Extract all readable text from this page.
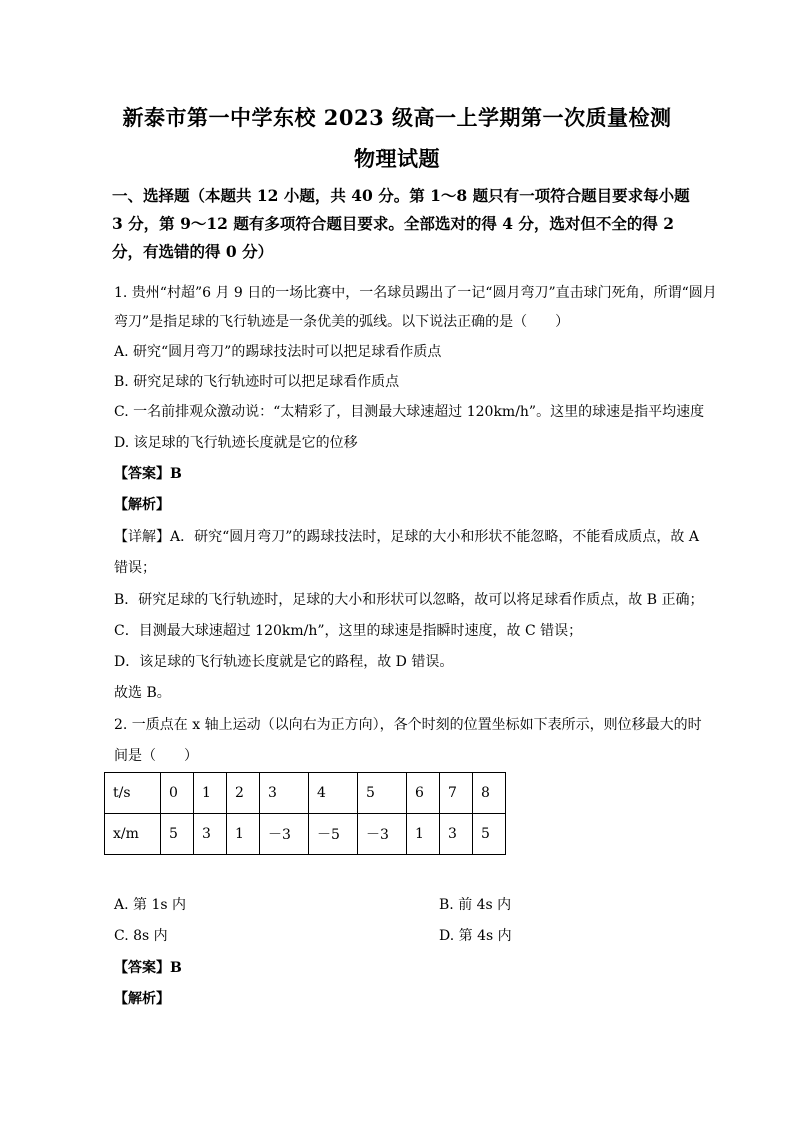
新泰市第一中学东校 2023 级高一上学期第一次质量检测
物理试题
一、选择题（本题共 12 小题，共 40 分。第 1～8 题只有一项符合题目要求每小题 3 分，第 9～12 题有多项符合题目要求。全部选对的得 4 分，选对但不全的得 2 分，有选错的得 0 分）
1. 贵州“村超”6 月 9 日的一场比赛中，一名球员踢出了一记“圆月弯刀”直击球门死角，所谓“圆月
弯刀”是指足球的飞行轨迹是一条优美的弧线。以下说法正确的是（　　）
A. 研究“圆月弯刀”的踢球技法时可以把足球看作质点
B. 研究足球的飞行轨迹时可以把足球看作质点
C. 一名前排观众激动说：“太精彩了，目测最大球速超过 120km/h”。这里的球速是指平均速度
D. 该足球的飞行轨迹长度就是它的位移
【答案】B
【解析】
【详解】A．研究“圆月弯刀”的踢球技法时，足球的大小和形状不能忽略，不能看成质点，故 A
错误；
B．研究足球的飞行轨迹时，足球的大小和形状可以忽略，故可以将足球看作质点，故 B 正确；
C．目测最大球速超过 120km/h”，这里的球速是指瞬时速度，故 C 错误；
D．该足球的飞行轨迹长度就是它的路程，故 D 错误。
故选 B。
2. 一质点在 x 轴上运动（以向右为正方向），各个时刻的位置坐标如下表所示，则位移最大的时
间是（　　）
t/s	0	1	2	3	4	5	6	7	8
x/m	5	3	1	－3	－5	－3	1	3	5
A. 第 1s 内	B. 前 4s 内
C. 8s 内	D. 第 4s 内
【答案】B
【解析】
